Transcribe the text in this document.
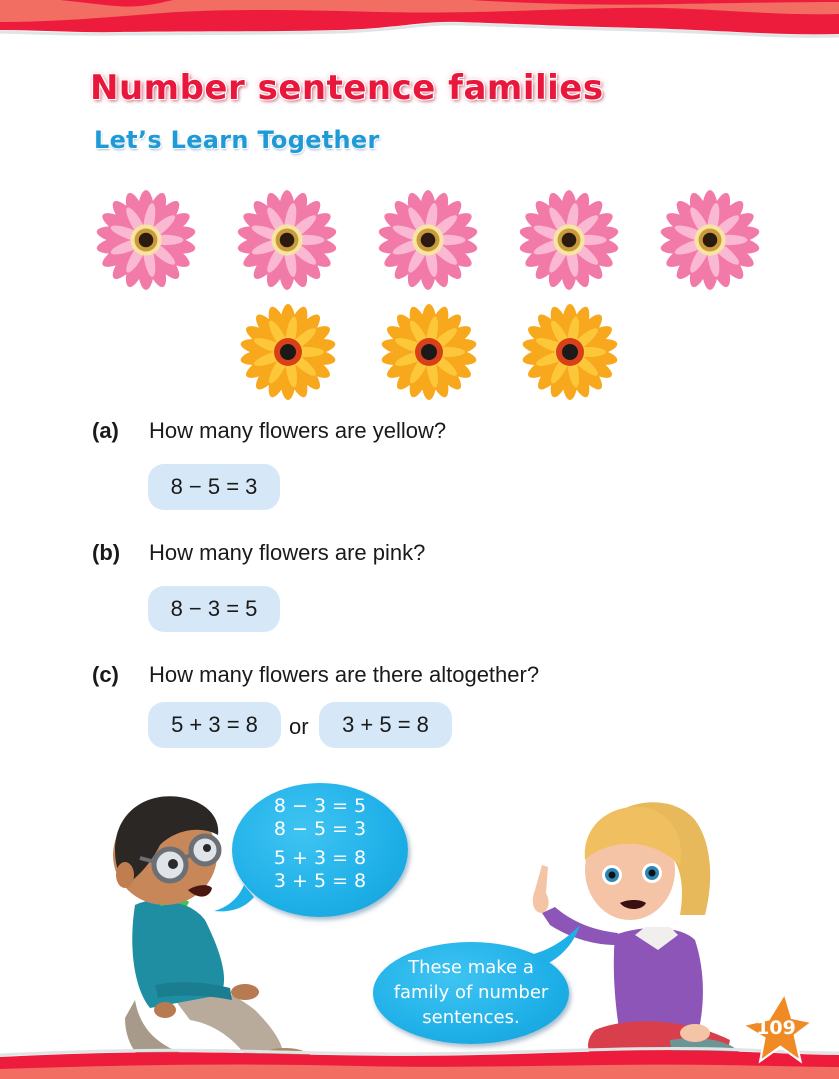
Number sentence families
Let’s Learn Together
(a)	How many flowers are yellow?
8 − 5 = 3
(b)	How many flowers are pink?
8 − 3 = 5
(c)	How many flowers are there altogether?
5 + 3 = 8	or	3 + 5 = 8
8 − 3 = 5
8 − 5 = 3
5 + 3 = 8
3 + 5 = 8
These make a
family of number
sentences.	109
